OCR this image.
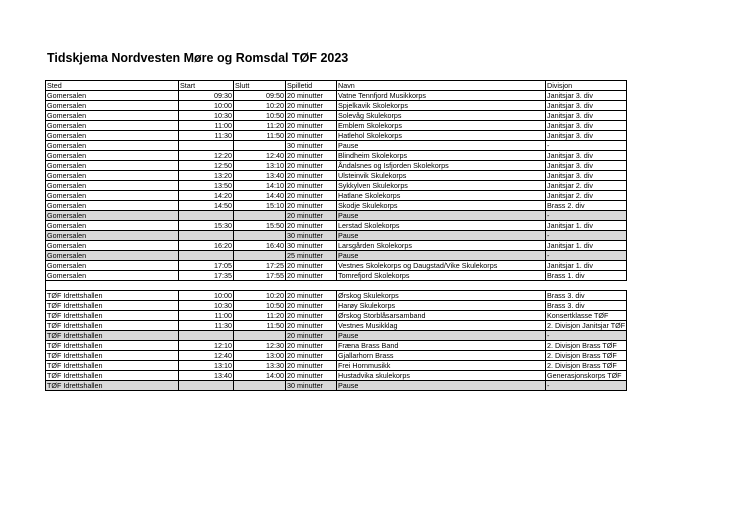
Tidskjema Nordvesten Møre og Romsdal TØF 2023
Sted	Start	Slutt	Spilletid	Navn	Divisjon
Gomersalen	09:30	09:50	20 minutter	Vatne Tennfjord Musikkorps	Janitsjar 3. div
Gomersalen	10:00	10:20	20 minutter	Spjelkavik Skolekorps	Janitsjar 3. div
Gomersalen	10:30	10:50	20 minutter	Solevåg Skulekorps	Janitsjar 3. div
Gomersalen	11:00	11:20	20 minutter	Emblem Skolekorps	Janitsjar 3. div
Gomersalen	11:30	11:50	20 minutter	Hatlehol Skolekorps	Janitsjar 3. div
Gomersalen			30 minutter	Pause	-
Gomersalen	12:20	12:40	20 minutter	Blindheim Skolekorps	Janitsjar 3. div
Gomersalen	12:50	13:10	20 minutter	Åndalsnes og Isfjorden Skolekorps	Janitsjar 3. div
Gomersalen	13:20	13:40	20 minutter	Ulsteinvik Skulekorps	Janitsjar 3. div
Gomersalen	13:50	14:10	20 minutter	Sykkylven Skulekorps	Janitsjar 2. div
Gomersalen	14:20	14:40	20 minutter	Hatlane Skolekorps	Janitsjar 2. div
Gomersalen	14:50	15:10	20 minutter	Skodje Skulekorps	Brass 2. div
Gomersalen			20 minutter	Pause	-
Gomersalen	15:30	15:50	20 minutter	Lerstad Skolekorps	Janitsjar 1. div
Gomersalen			30 minutter	Pause	-
Gomersalen	16:20	16:40	30 minutter	Larsgården Skolekorps	Janitsjar 1. div
Gomersalen			25 minutter	Pause	-
Gomersalen	17:05	17:25	20 minutter	Vestnes Skolekorps og Daugstad/Vike Skulekorps	Janitsjar 1. div
Gomersalen	17:35	17:55	20 minutter	Tomrefjord Skolekorps	Brass 1. div

TØF Idrettshallen	10:00	10:20	20 minutter	Ørskog Skulekorps	Brass 3. div
TØF Idrettshallen	10:30	10:50	20 minutter	Harøy Skulekorps	Brass 3. div
TØF Idrettshallen	11:00	11:20	20 minutter	Ørskog Storblåsarsamband	Konsertklasse TØF
TØF Idrettshallen	11:30	11:50	20 minutter	Vestnes Musikklag	2. Divisjon Janitsjar TØF
TØF Idrettshallen			20 minutter	Pause	-
TØF Idrettshallen	12:10	12:30	20 minutter	Fræna Brass Band	2. Divisjon Brass TØF
TØF Idrettshallen	12:40	13:00	20 minutter	Gjallarhorn Brass	2. Divisjon Brass TØF
TØF Idrettshallen	13:10	13:30	20 minutter	Frei Hornmusikk	2. Divisjon Brass TØF
TØF Idrettshallen	13:40	14:00	20 minutter	Hustadvika skulekorps	Generasjonskorps TØF
TØF Idrettshallen			30 minutter	Pause	-
